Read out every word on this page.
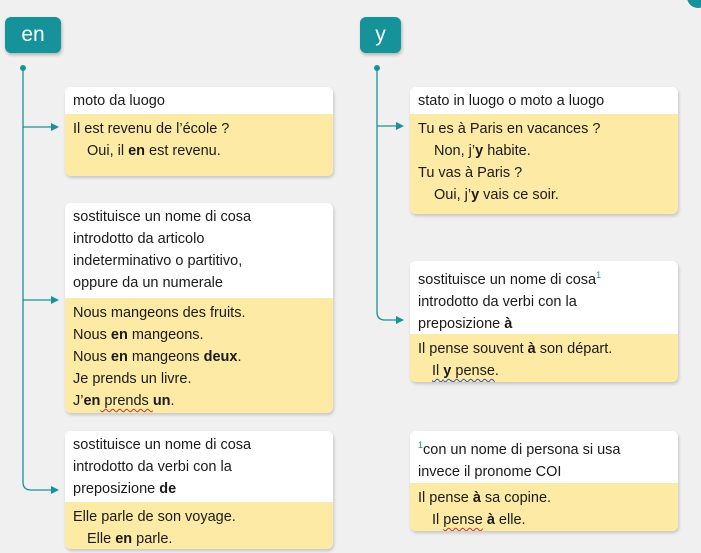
en	y
moto da luogo
Il est revenu de l’école ?
Oui, il en est revenu.
sostituisce un nome di cosa
introdotto da articolo
indeterminativo o partitivo,
oppure da un numerale
Nous mangeons des fruits.
Nous en mangeons.
Nous en mangeons deux.
Je prends un livre.
J’en prends un.
sostituisce un nome di cosa
introdotto da verbi con la
preposizione de
Elle parle de son voyage.
Elle en parle.
stato in luogo o moto a luogo
Tu es à Paris en vacances ?
Non, j’y habite.
Tu vas à Paris ?
Oui, j’y vais ce soir.
sostituisce un nome di cosa$^1$
introdotto da verbi con la
preposizione à
Il pense souvent à son départ.
Il y pense.
$^1$con un nome di persona si usa
invece il pronome COI
Il pense à sa copine.
Il pense à elle.
